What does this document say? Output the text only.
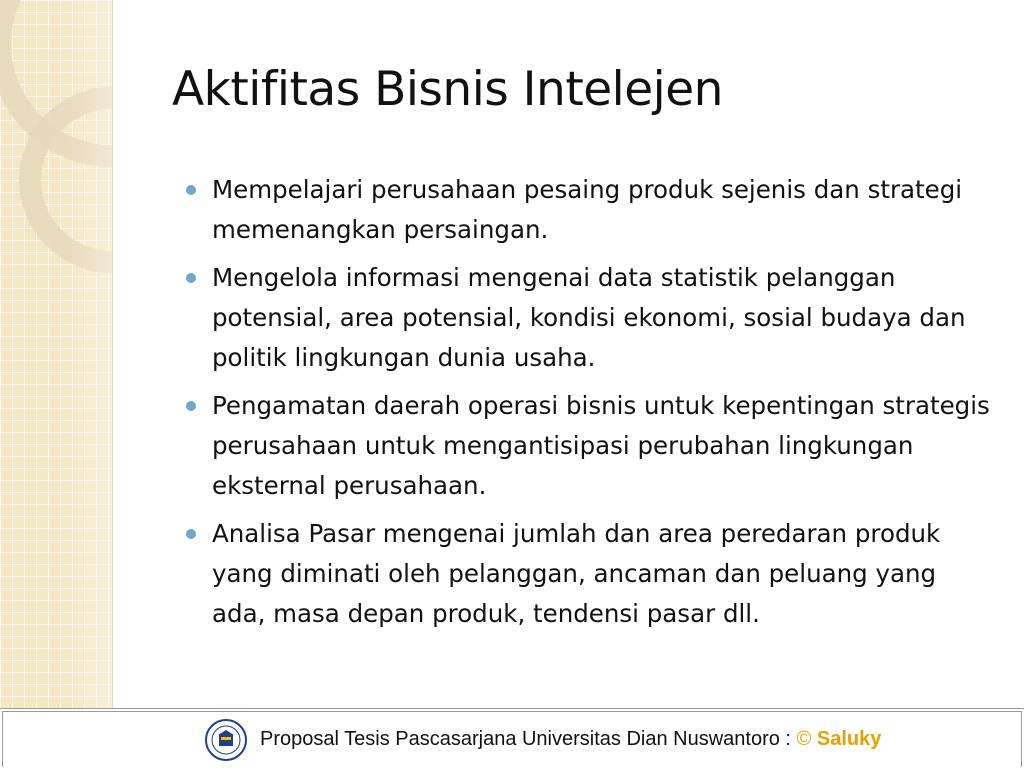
Aktifitas Bisnis Intelejen
Mempelajari perusahaan pesaing produk sejenis dan strategi memenangkan persaingan.
Mengelola informasi mengenai data statistik pelanggan potensial, area potensial, kondisi ekonomi, sosial budaya dan politik lingkungan dunia usaha.
Pengamatan daerah operasi bisnis untuk kepentingan strategis perusahaan untuk mengantisipasi perubahan lingkungan eksternal perusahaan.
Analisa Pasar mengenai jumlah dan area peredaran produk yang diminati oleh pelanggan, ancaman dan peluang yang ada, masa depan produk, tendensi pasar dll.
Proposal Tesis Pascasarjana Universitas Dian Nuswantoro : © Saluky
